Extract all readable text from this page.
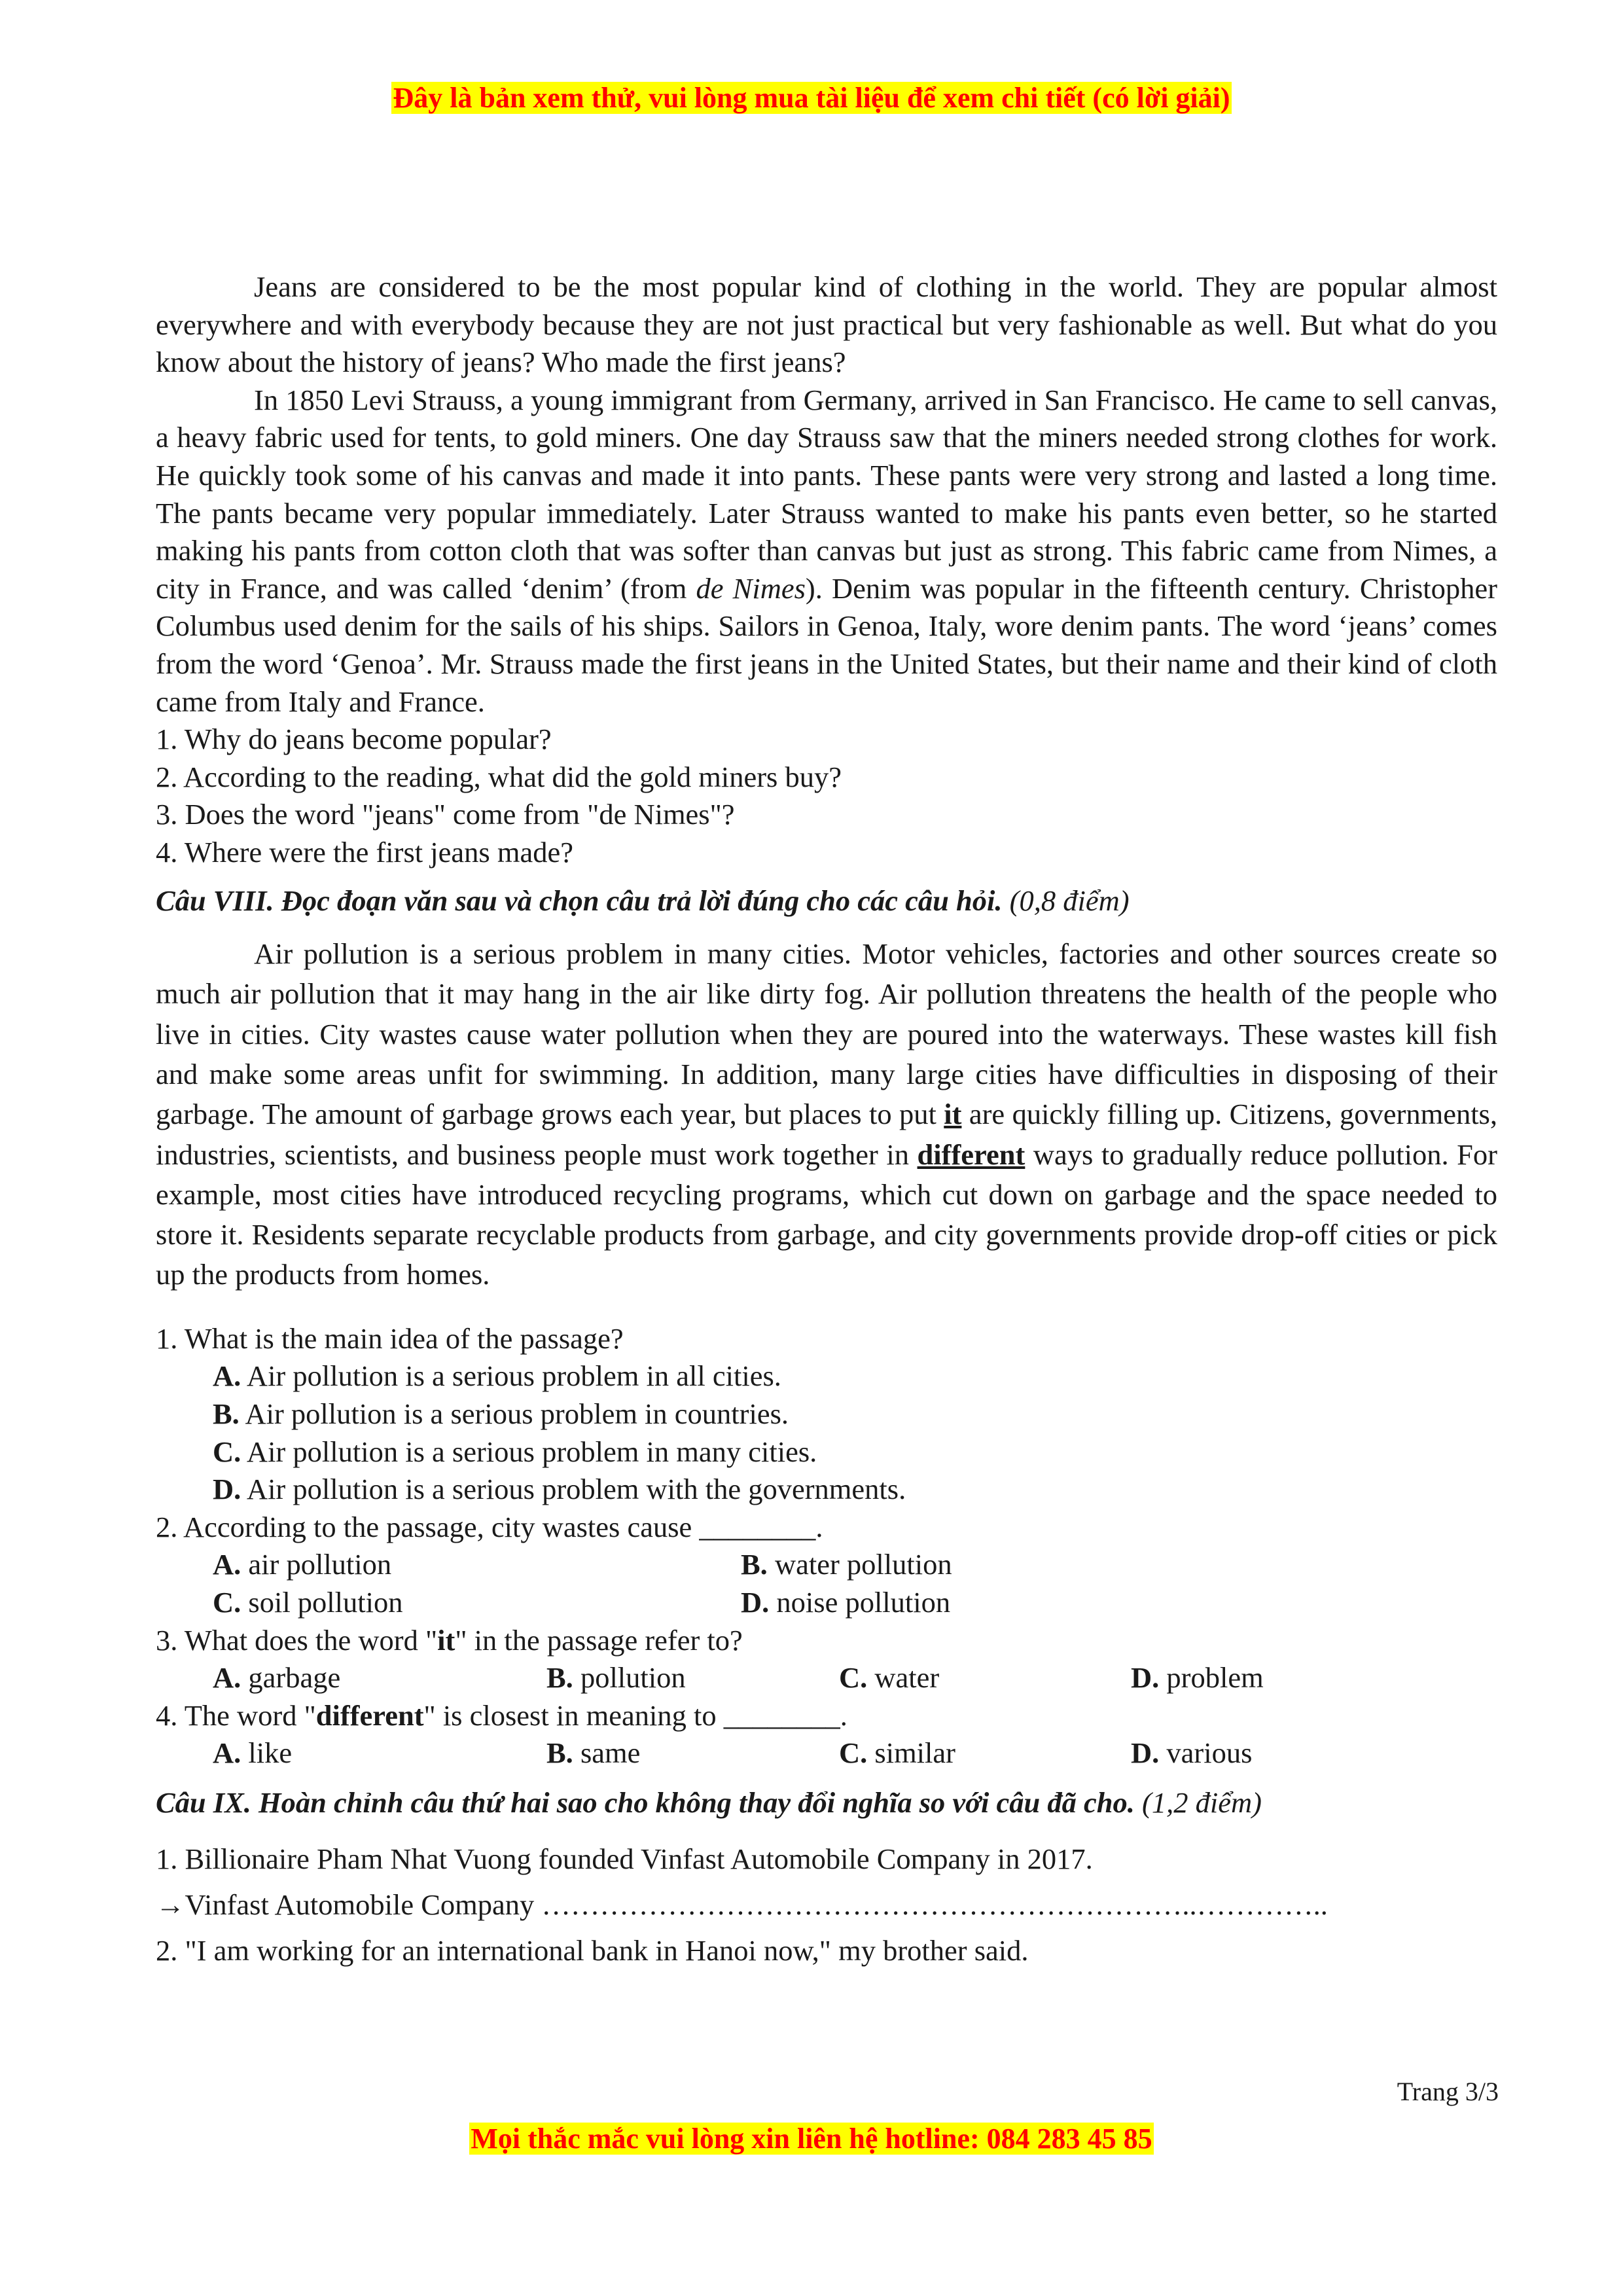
Đây là bản xem thử, vui lòng mua tài liệu để xem chi tiết (có lời giải)

Jeans are considered to be the most popular kind of clothing in the world. They are popular almost everywhere and with everybody because they are not just practical but very fashionable as well. But what do you know about the history of jeans? Who made the first jeans?

In 1850 Levi Strauss, a young immigrant from Germany, arrived in San Francisco. He came to sell canvas, a heavy fabric used for tents, to gold miners. One day Strauss saw that the miners needed strong clothes for work. He quickly took some of his canvas and made it into pants. These pants were very strong and lasted a long time. The pants became very popular immediately. Later Strauss wanted to make his pants even better, so he started making his pants from cotton cloth that was softer than canvas but just as strong. This fabric came from Nimes, a city in France, and was called ‘denim’ (from de Nimes). Denim was popular in the fifteenth century. Christopher Columbus used denim for the sails of his ships. Sailors in Genoa, Italy, wore denim pants. The word ‘jeans’ comes from the word ‘Genoa’. Mr. Strauss made the first jeans in the United States, but their name and their kind of cloth came from Italy and France.

1. Why do jeans become popular?

2. According to the reading, what did the gold miners buy?

3. Does the word "jeans" come from "de Nimes"?

4. Where were the first jeans made?

Câu VIII. Đọc đoạn văn sau và chọn câu trả lời đúng cho các câu hỏi. (0,8 điểm)

Air pollution is a serious problem in many cities. Motor vehicles, factories and other sources create so much air pollution that it may hang in the air like dirty fog. Air pollution threatens the health of the people who live in cities. City wastes cause water pollution when they are poured into the waterways. These wastes kill fish and make some areas unfit for swimming. In addition, many large cities have difficulties in disposing of their garbage. The amount of garbage grows each year, but places to put it are quickly filling up. Citizens, governments, industries, scientists, and business people must work together in different ways to gradually reduce pollution. For example, most cities have introduced recycling programs, which cut down on garbage and the space needed to store it. Residents separate recyclable products from garbage, and city governments provide drop-off cities or pick up the products from homes.

1. What is the main idea of the passage?

A. Air pollution is a serious problem in all cities.

B. Air pollution is a serious problem in countries.

C. Air pollution is a serious problem in many cities.

D. Air pollution is a serious problem with the governments.

2. According to the passage, city wastes cause ________.

A. air pollution	B. water pollution
C. soil pollution	D. noise pollution

3. What does the word "it" in the passage refer to?

A. garbage	B. pollution	C. water	D. problem

4. The word "different" is closest in meaning to ________.

A. like	B. same	C. similar	D. various

Câu IX. Hoàn chỉnh câu thứ hai sao cho không thay đổi nghĩa so với câu đã cho. (1,2 điểm)

1. Billionaire Pham Nhat Vuong founded Vinfast Automobile Company in 2017.

→Vinfast Automobile Company …………………………………………………………..…………..

2. "I am working for an international bank in Hanoi now," my brother said.

Trang 3/3
Mọi thắc mắc vui lòng xin liên hệ hotline: 084 283 45 85
